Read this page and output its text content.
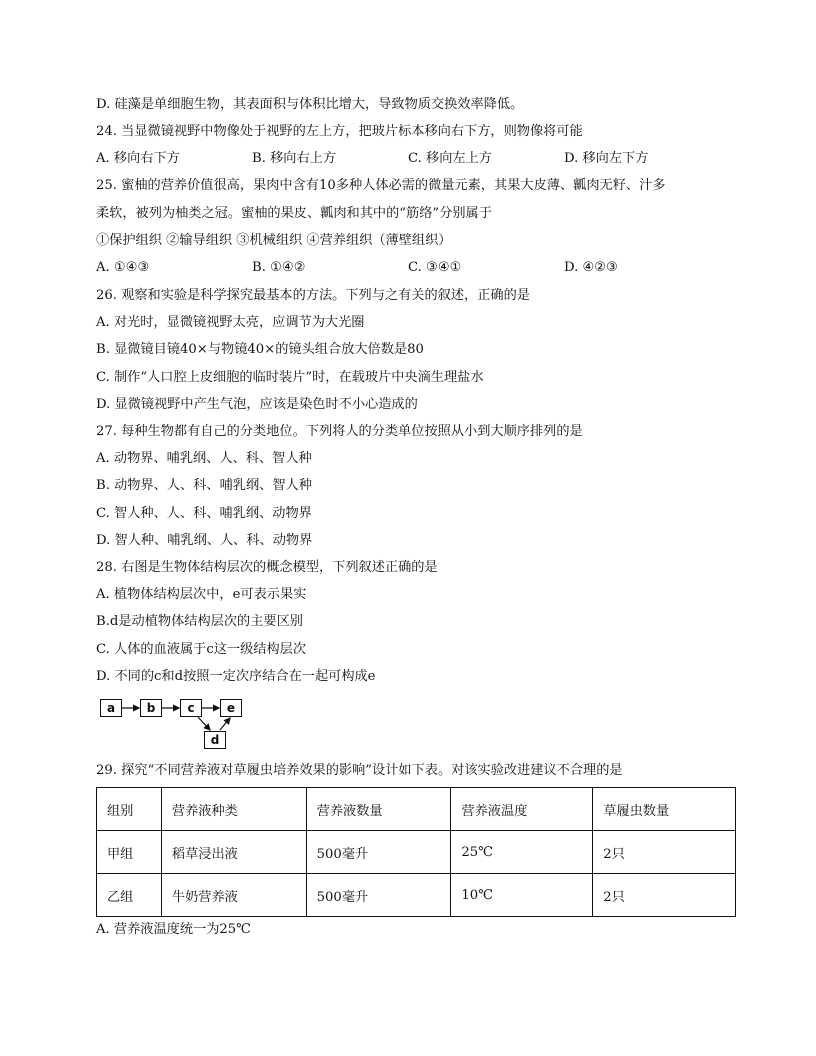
D. 硅藻是单细胞生物，其表面积与体积比增大，导致物质交换效率降低。
24. 当显微镜视野中物像处于视野的左上方，把玻片标本移向右下方，则物像将可能
A. 移向右下方	B. 移向右上方	C. 移向左上方	D. 移向左下方
25. 蜜柚的营养价值很高，果肉中含有10多种人体必需的微量元素，其果大皮薄、瓤肉无籽、汁多
柔软，被列为柚类之冠。蜜柚的果皮、瓤肉和其中的“筋络”分别属于
①保护组织 ②输导组织 ③机械组织 ④营养组织（薄壁组织）
A. ①④③	B. ①④②	C. ③④①	D. ④②③
26. 观察和实验是科学探究最基本的方法。下列与之有关的叙述，正确的是
A. 对光时，显微镜视野太亮，应调节为大光圈
B. 显微镜目镜40×与物镜40×的镜头组合放大倍数是80
C. 制作“人口腔上皮细胞的临时装片”时，在载玻片中央滴生理盐水
D. 显微镜视野中产生气泡，应该是染色时不小心造成的
27. 每种生物都有自己的分类地位。下列将人的分类单位按照从小到大顺序排列的是
A. 动物界、哺乳纲、人、科、智人种
B. 动物界、人、科、哺乳纲、智人种
C. 智人种、人、科、哺乳纲、动物界
D. 智人种、哺乳纲、人、科、动物界
28. 右图是生物体结构层次的概念模型，下列叙述正确的是
A. 植物体结构层次中，e可表示果实
B.d是动植物体结构层次的主要区别
C. 人体的血液属于c这一级结构层次
D. 不同的c和d按照一定次序结合在一起可构成e
a	b	c	e
d
29. 探究“不同营养液对草履虫培养效果的影响”设计如下表。对该实验改进建议不合理的是
组别	营养液种类	营养液数量	营养液温度	草履虫数量
甲组	稻草浸出液	500毫升	25℃	2只
乙组	牛奶营养液	500毫升	10℃	2只
A. 营养液温度统一为25℃
